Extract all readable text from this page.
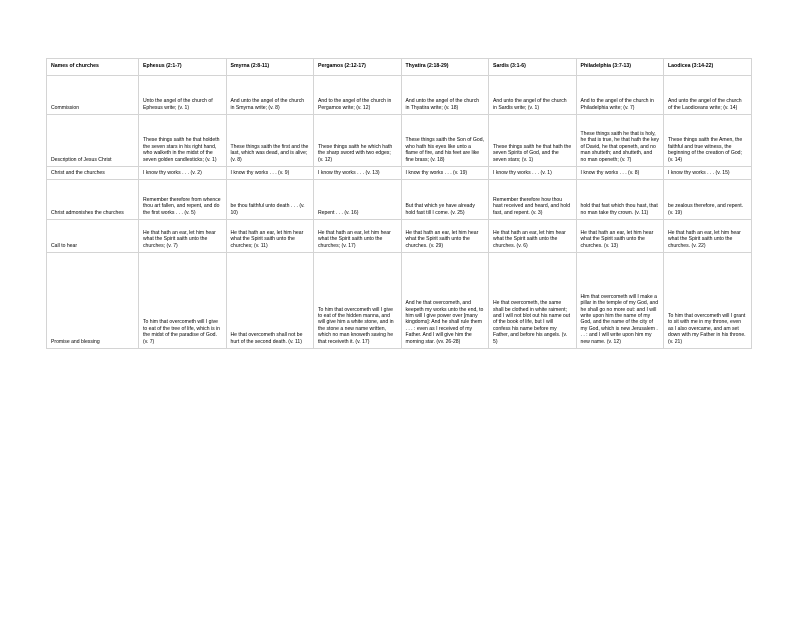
Names of churches	Ephesus (2:1-7)	Smyrna (2:8-11)	Pergamos (2:12-17)	Thyatira (2:18-29)	Sardis (3:1-6)	Philadelphia (3:7-13)	Laodicea (3:14-22)
Commission	Unto the angel of the church of Ephesus write; (v. 1)	And unto the angel of the church in Smyrna write; (v. 8)	And to the angel of the church in Pergamos write; (v. 12)	And unto the angel of the church in Thyatira write; (v. 18)	And unto the angel of the church in Sardis write; (v. 1)	And to the angel of the church in Philadelphia write; (v. 7)	And unto the angel of the church of the Laodiceans write; (v. 14)
Description of Jesus Christ	These things saith he that holdeth the seven stars in his right hand, who walketh in the midst of the seven golden candlesticks; (v. 1)	These things saith the first and the last, which was dead, and is alive; (v. 8)	These things saith he which hath the sharp sword with two edges; (v. 12)	These things saith the Son of God, who hath his eyes like unto a flame of fire, and his feet are like fine brass; (v. 18)	These things saith he that hath the seven Spirits of God, and the seven stars; (v. 1)	These things saith he that is holy, he that is true, he that hath the key of David, he that openeth, and no man shutteth; and shutteth, and no man openeth; (v. 7)	These things saith the Amen, the faithful and true witness, the beginning of the creation of God; (v. 14)
Christ and the churches	I know thy works . . . (v. 2)	I know thy works . . . (v. 9)	I know thy works . . . (v. 13)	I know thy works . . . (v. 19)	I know thy works . . . (v. 1)	I know thy works . . . (v. 8)	I know thy works . . . (v. 15)
Christ admonishes the churches	Remember therefore from whence thou art fallen, and repent, and do the first works . . . (v. 5)	be thou faithful unto death . . . (v. 10)	Repent . . . (v. 16)	But that which ye have already hold fast till I come. (v. 25)	Remember therefore how thou hast received and heard, and hold fast, and repent. (v. 3)	hold that fast which thou hast, that no man take thy crown. (v. 11)	be zealous therefore, and repent. (v. 19)
Call to hear	He that hath an ear, let him hear what the Spirit saith unto the churches; (v. 7)	He that hath an ear, let him hear what the Spirit saith unto the churches; (v. 11)	He that hath an ear, let him hear what the Spirit saith unto the churches; (v. 17)	He that hath an ear, let him hear what the Spirit saith unto the churches. (v. 29)	He that hath an ear, let him hear what the Spirit saith unto the churches. (v. 6)	He that hath an ear, let him hear what the Spirit saith unto the churches. (v. 13)	He that hath an ear, let him hear what the Spirit saith unto the churches. (v. 22)
Promise and blessing	To him that overcometh will I give to eat of the tree of life, which is in the midst of the paradise of God. (v. 7)	He that overcometh shall not be hurt of the second death. (v. 11)	To him that overcometh will I give to eat of the hidden manna, and will give him a white stone, and in the stone a new name written, which no man knoweth saving he that receiveth it. (v. 17)	And he that overcometh, and keepeth my works unto the end, to him will I give power over [many kingdoms]: And he shall rule them . . . : even as I received of my Father. And I will give him the morning star. (vv. 26-28)	He that overcometh, the same shall be clothed in white raiment; and I will not blot out his name out of the book of life, but I will confess his name before my Father, and before his angels. (v. 5)	Him that overcometh will I make a pillar in the temple of my God, and he shall go no more out: and I will write upon him the name of my God, and the name of the city of my God, which is new Jerusalem . . . : and I will write upon him my new name. (v. 12)	To him that overcometh will I grant to sit with me in my throne, even as I also overcame, and am set down with my Father in his throne. (v. 21)
